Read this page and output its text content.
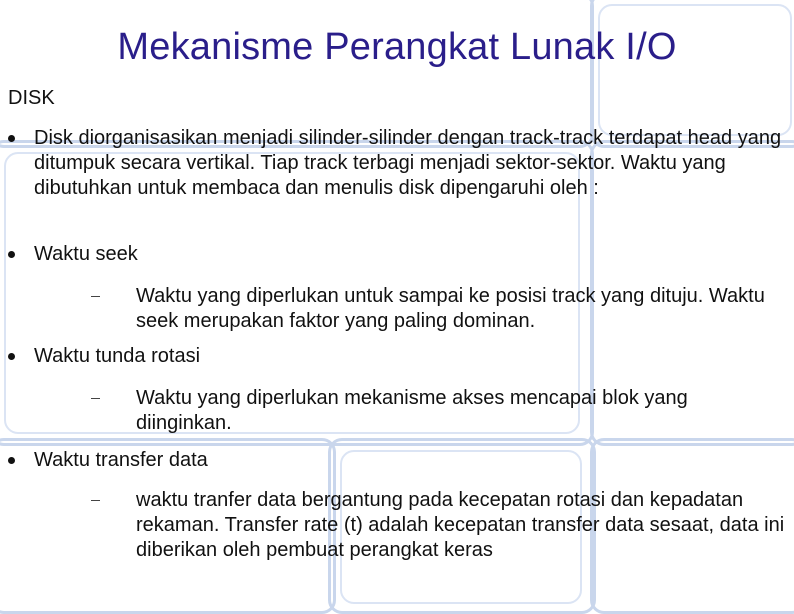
Mekanisme Perangkat Lunak I/O
DISK
Disk diorganisasikan menjadi silinder-silinder dengan track-track terdapat head yang ditumpuk secara vertikal. Tiap track terbagi menjadi sektor-sektor. Waktu yang dibutuhkan untuk membaca dan menulis disk dipengaruhi oleh :
Waktu seek
Waktu yang diperlukan untuk sampai ke posisi track yang dituju. Waktu seek merupakan faktor yang paling dominan.
Waktu tunda rotasi
Waktu yang diperlukan mekanisme akses mencapai blok yang diinginkan.
Waktu transfer data
waktu tranfer data bergantung pada kecepatan rotasi dan kepadatan rekaman. Transfer rate (t) adalah kecepatan transfer data sesaat, data ini diberikan oleh pembuat perangkat keras
